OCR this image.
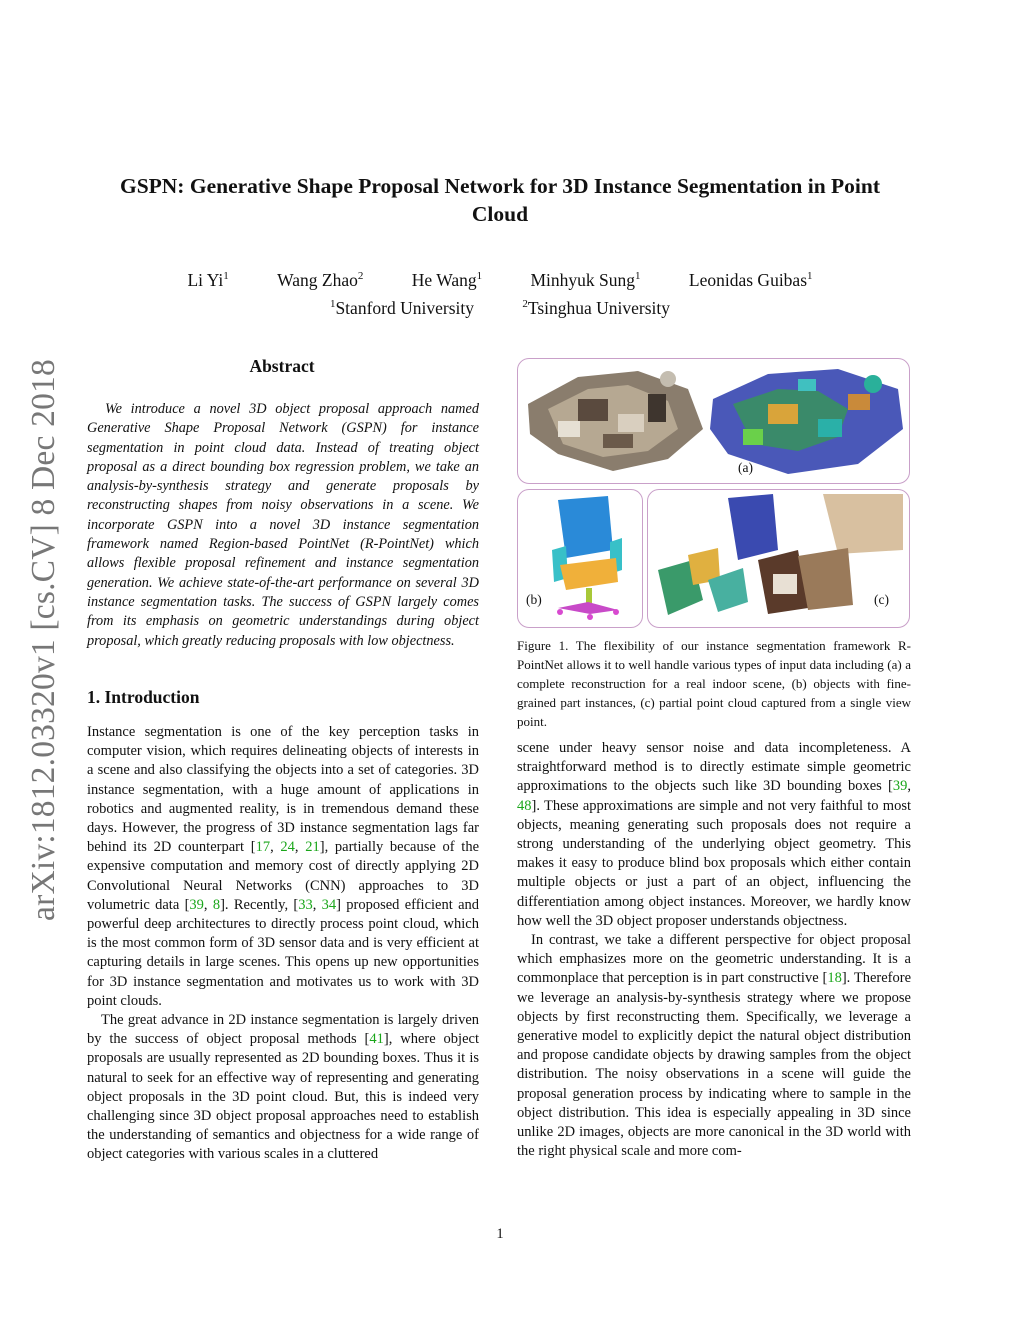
arXiv:1812.03320v1 [cs.CV] 8 Dec 2018
GSPN: Generative Shape Proposal Network for 3D Instance Segmentation in Point Cloud
Li Yi$^1$	Wang Zhao$^2$	He Wang$^1$	Minhyuk Sung$^1$	Leonidas Guibas$^1$
$^1$Stanford University	$^2$Tsinghua University
Abstract

We introduce a novel 3D object proposal approach named Generative Shape Proposal Network (GSPN) for instance segmentation in point cloud data. Instead of treating object proposal as a direct bounding box regression problem, we take an analysis-by-synthesis strategy and generate proposals by reconstructing shapes from noisy observations in a scene. We incorporate GSPN into a novel 3D instance segmentation framework named Region-based PointNet (R-PointNet) which allows flexible proposal refinement and instance segmentation generation. We achieve state-of-the-art performance on several 3D instance segmentation tasks. The success of GSPN largely comes from its emphasis on geometric understandings during object proposal, which greatly reducing proposals with low objectness.

1. Introduction

Instance segmentation is one of the key perception tasks in computer vision, which requires delineating objects of interests in a scene and also classifying the objects into a set of categories. 3D instance segmentation, with a huge amount of applications in robotics and augmented reality, is in tremendous demand these days. However, the progress of 3D instance segmentation lags far behind its 2D counterpart [17, 24, 21], partially because of the expensive computation and memory cost of directly applying 2D Convolutional Neural Networks (CNN) approaches to 3D volumetric data [39, 8]. Recently, [33, 34] proposed efficient and powerful deep architectures to directly process point cloud, which is the most common form of 3D sensor data and is very efficient at capturing details in large scenes. This opens up new opportunities for 3D instance segmentation and motivates us to work with 3D point clouds.

The great advance in 2D instance segmentation is largely driven by the success of object proposal methods [41], where object proposals are usually represented as 2D bounding boxes. Thus it is natural to seek for an effective way of representing and generating object proposals in the 3D point cloud. But, this is indeed very challenging since 3D object proposal approaches need to establish the understanding of semantics and objectness for a wide range of object categories with various scales in a cluttered

(a)
(b)	(c)
Figure 1. The flexibility of our instance segmentation framework R-PointNet allows it to well handle various types of input data including (a) a complete reconstruction for a real indoor scene, (b) objects with fine-grained part instances, (c) partial point cloud captured from a single view point.

scene under heavy sensor noise and data incompleteness. A straightforward method is to directly estimate simple geometric approximations to the objects such like 3D bounding boxes [39, 48]. These approximations are simple and not very faithful to most objects, meaning generating such proposals does not require a strong understanding of the underlying object geometry. This makes it easy to produce blind box proposals which either contain multiple objects or just a part of an object, influencing the differentiation among object instances. Moreover, we hardly know how well the 3D object proposer understands objectness.

In contrast, we take a different perspective for object proposal which emphasizes more on the geometric understanding. It is a commonplace that perception is in part constructive [18]. Therefore we leverage an analysis-by-synthesis strategy where we propose objects by first reconstructing them. Specifically, we leverage a generative model to explicitly depict the natural object distribution and propose candidate objects by drawing samples from the object distribution. The noisy observations in a scene will guide the proposal generation process by indicating where to sample in the object distribution. This idea is especially appealing in 3D since unlike 2D images, objects are more canonical in the 3D world with the right physical scale and more com-

1
